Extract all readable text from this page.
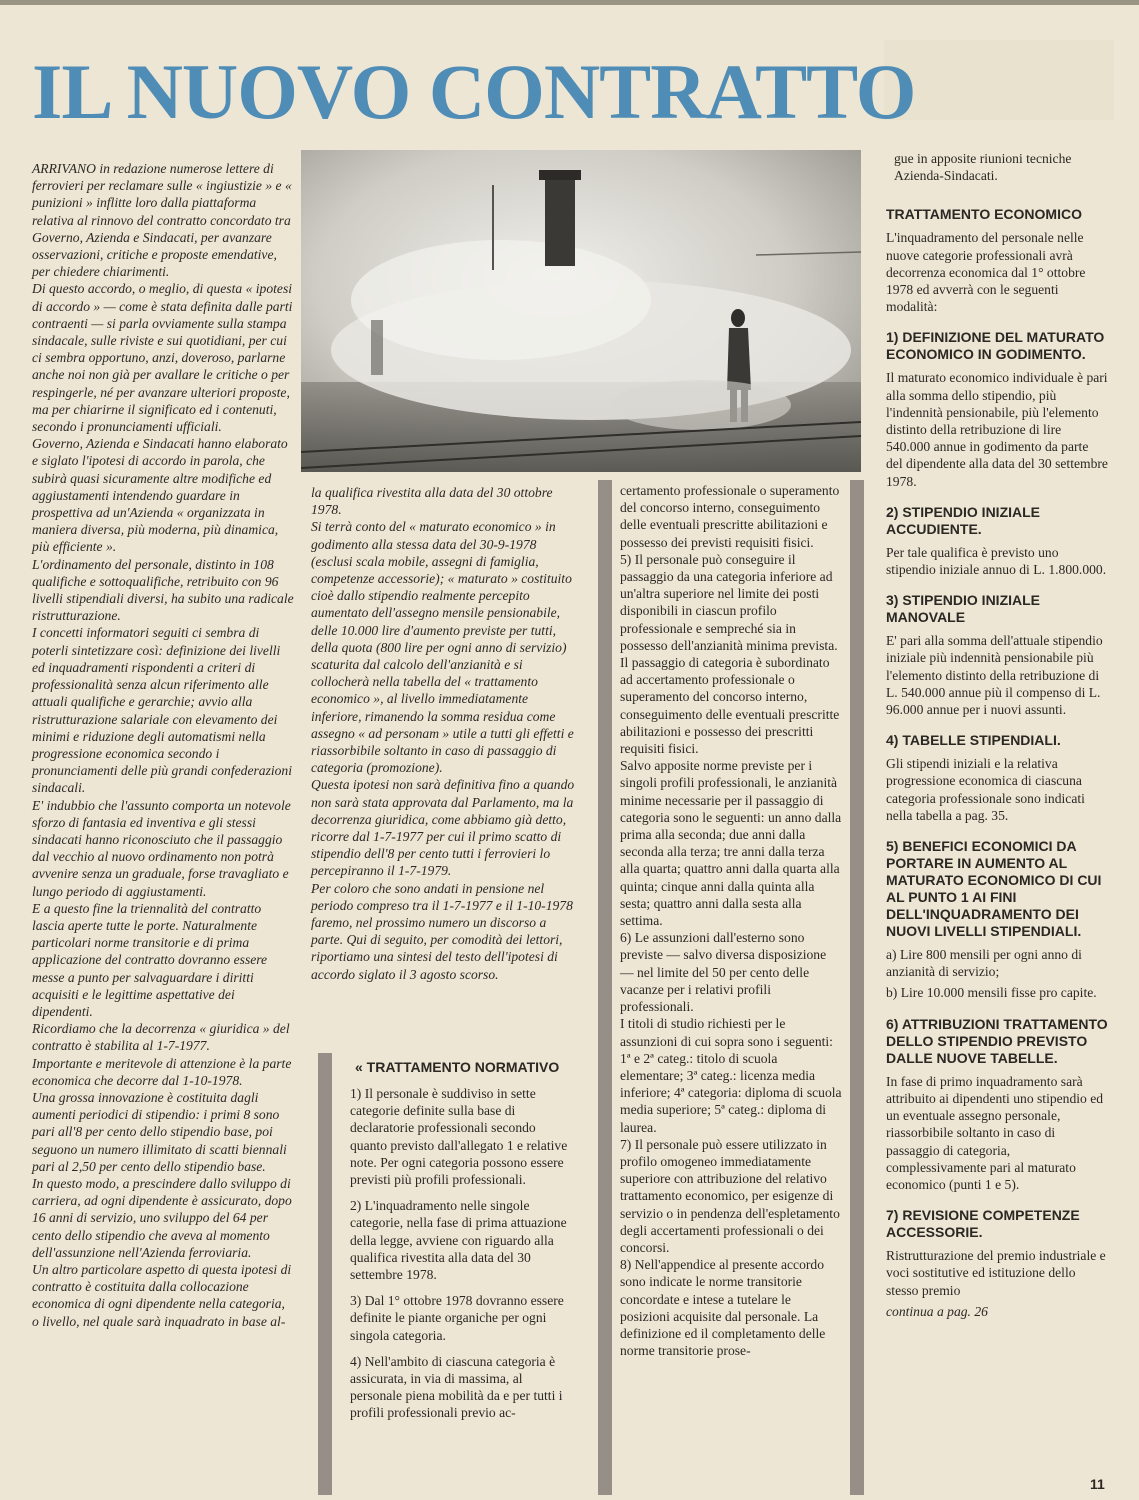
IL NUOVO CONTRATTO

ARRIVANO in redazione numerose lettere di ferrovieri per reclamare sulle « ingiustizie » e « punizioni » inflitte loro dalla piattaforma relativa al rinnovo del contratto concordato tra Governo, Azienda e Sindacati, per avanzare osservazioni, critiche e proposte emendative, per chiedere chiarimenti.

Di questo accordo, o meglio, di questa « ipotesi di accordo » — come è stata definita dalle parti contraenti — si parla ovviamente sulla stampa sindacale, sulle riviste e sui quotidiani, per cui ci sembra opportuno, anzi, doveroso, parlarne anche noi non già per avallare le critiche o per respingerle, né per avanzare ulteriori proposte, ma per chiarirne il significato ed i contenuti, secondo i pronunciamenti ufficiali.

Governo, Azienda e Sindacati hanno elaborato e siglato l'ipotesi di accordo in parola, che subirà quasi sicuramente altre modifiche ed aggiustamenti intendendo guardare in prospettiva ad un'Azienda « organizzata in maniera diversa, più moderna, più dinamica, più efficiente ».

L'ordinamento del personale, distinto in 108 qualifiche e sottoqualifiche, retribuito con 96 livelli stipendiali diversi, ha subito una radicale ristrutturazione.

I concetti informatori seguiti ci sembra di poterli sintetizzare così: definizione dei livelli ed inquadramenti rispondenti a criteri di professionalità senza alcun riferimento alle attuali qualifiche e gerarchie; avvio alla ristrutturazione salariale con elevamento dei minimi e riduzione degli automatismi nella progressione economica secondo i pronunciamenti delle più grandi confederazioni sindacali.

E' indubbio che l'assunto comporta un notevole sforzo di fantasia ed inventiva e gli stessi sindacati hanno riconosciuto che il passaggio dal vecchio al nuovo ordinamento non potrà avvenire senza un graduale, forse travagliato e lungo periodo di aggiustamenti.

E a questo fine la triennalità del contratto lascia aperte tutte le porte. Naturalmente particolari norme transitorie e di prima applicazione del contratto dovranno essere messe a punto per salvaguardare i diritti acquisiti e le legittime aspettative dei dipendenti.

Ricordiamo che la decorrenza « giuridica » del contratto è stabilita al 1-7-1977.

Importante e meritevole di attenzione è la parte economica che decorre dal 1-10-1978.

Una grossa innovazione è costituita dagli aumenti periodici di stipendio: i primi 8 sono pari all'8 per cento dello stipendio base, poi seguono un numero illimitato di scatti biennali pari al 2,50 per cento dello stipendio base.

In questo modo, a prescindere dallo sviluppo di carriera, ad ogni dipendente è assicurato, dopo 16 anni di servizio, uno sviluppo del 64 per cento dello stipendio che aveva al momento dell'assunzione nell'Azienda ferroviaria.

Un altro particolare aspetto di questa ipotesi di contratto è costituita dalla collocazione economica di ogni dipendente nella categoria, o livello, nel quale sarà inquadrato in base al-

la qualifica rivestita alla data del 30 ottobre 1978.

Si terrà conto del « maturato economico » in godimento alla stessa data del 30-9-1978 (esclusi scala mobile, assegni di famiglia, competenze accessorie); « maturato » costituito cioè dallo stipendio realmente percepito aumentato dell'assegno mensile pensionabile, delle 10.000 lire d'aumento previste per tutti, della quota (800 lire per ogni anno di servizio) scaturita dal calcolo dell'anzianità e si collocherà nella tabella del « trattamento economico », al livello immediatamente inferiore, rimanendo la somma residua come assegno « ad personam » utile a tutti gli effetti e riassorbibile soltanto in caso di passaggio di categoria (promozione).

Questa ipotesi non sarà definitiva fino a quando non sarà stata approvata dal Parlamento, ma la decorrenza giuridica, come abbiamo già detto, ricorre dal 1-7-1977 per cui il primo scatto di stipendio dell'8 per cento tutti i ferrovieri lo percepiranno il 1-7-1979.

Per coloro che sono andati in pensione nel periodo compreso tra il 1-7-1977 e il 1-10-1978 faremo, nel prossimo numero un discorso a parte. Qui di seguito, per comodità dei lettori, riportiamo una sintesi del testo dell'ipotesi di accordo siglato il 3 agosto scorso.

« TRATTAMENTO NORMATIVO

1) Il personale è suddiviso in sette categorie definite sulla base di declaratorie professionali secondo quanto previsto dall'allegato 1 e relative note. Per ogni categoria possono essere previsti più profili professionali.

2) L'inquadramento nelle singole categorie, nella fase di prima attuazione della legge, avviene con riguardo alla qualifica rivestita alla data del 30 settembre 1978.

3) Dal 1° ottobre 1978 dovranno essere definite le piante organiche per ogni singola categoria.

4) Nell'ambito di ciascuna categoria è assicurata, in via di massima, al personale piena mobilità da e per tutti i profili professionali previo ac-

certamento professionale o superamento del concorso interno, conseguimento delle eventuali prescritte abilitazioni e possesso dei previsti requisiti fisici.

5) Il personale può conseguire il passaggio da una categoria inferiore ad un'altra superiore nel limite dei posti disponibili in ciascun profilo professionale e sempreché sia in possesso dell'anzianità minima prevista. Il passaggio di categoria è subordinato ad accertamento professionale o superamento del concorso interno, conseguimento delle eventuali prescritte abilitazioni e possesso dei prescritti requisiti fisici.

Salvo apposite norme previste per i singoli profili professionali, le anzianità minime necessarie per il passaggio di categoria sono le seguenti: un anno dalla prima alla seconda; due anni dalla seconda alla terza; tre anni dalla terza alla quarta; quattro anni dalla quarta alla quinta; cinque anni dalla quinta alla sesta; quattro anni dalla sesta alla settima.

6) Le assunzioni dall'esterno sono previste — salvo diversa disposizione — nel limite del 50 per cento delle vacanze per i relativi profili professionali.

I titoli di studio richiesti per le assunzioni di cui sopra sono i seguenti: 1ª e 2ª categ.: titolo di scuola elementare; 3ª categ.: licenza media inferiore; 4ª categoria: diploma di scuola media superiore; 5ª categ.: diploma di laurea.

7) Il personale può essere utilizzato in profilo omogeneo immediatamente superiore con attribuzione del relativo trattamento economico, per esigenze di servizio o in pendenza dell'espletamento degli accertamenti professionali o dei concorsi.

8) Nell'appendice al presente accordo sono indicate le norme transitorie concordate e intese a tutelare le posizioni acquisite dal personale. La definizione ed il completamento delle norme transitorie prose-

gue in apposite riunioni tecniche Azienda-Sindacati.

TRATTAMENTO ECONOMICO

L'inquadramento del personale nelle nuove categorie professionali avrà decorrenza economica dal 1° ottobre 1978 ed avverrà con le seguenti modalità:

1) DEFINIZIONE DEL MATURATO ECONOMICO IN GODIMENTO.

Il maturato economico individuale è pari alla somma dello stipendio, più l'indennità pensionabile, più l'elemento distinto della retribuzione di lire 540.000 annue in godimento da parte del dipendente alla data del 30 settembre 1978.

2) STIPENDIO INIZIALE ACCUDIENTE.

Per tale qualifica è previsto uno stipendio iniziale annuo di L. 1.800.000.

3) STIPENDIO INIZIALE MANOVALE

E' pari alla somma dell'attuale stipendio iniziale più indennità pensionabile più l'elemento distinto della retribuzione di L. 540.000 annue più il compenso di L. 96.000 annue per i nuovi assunti.

4) TABELLE STIPENDIALI.

Gli stipendi iniziali e la relativa progressione economica di ciascuna categoria professionale sono indicati nella tabella a pag. 35.

5) BENEFICI ECONOMICI DA PORTARE IN AUMENTO AL MATURATO ECONOMICO DI CUI AL PUNTO 1 AI FINI DELL'INQUADRAMENTO DEI NUOVI LIVELLI STIPENDIALI.

a) Lire 800 mensili per ogni anno di anzianità di servizio;

b) Lire 10.000 mensili fisse pro capite.

6) ATTRIBUZIONI TRATTAMENTO DELLO STIPENDIO PREVISTO DALLE NUOVE TABELLE.

In fase di primo inquadramento sarà attribuito ai dipendenti uno stipendio ed un eventuale assegno personale, riassorbibile soltanto in caso di passaggio di categoria, complessivamente pari al maturato economico (punti 1 e 5).

7) REVISIONE COMPETENZE ACCESSORIE.

Ristrutturazione del premio industriale e voci sostitutive ed istituzione dello stesso premio

continua a pag. 26

11
